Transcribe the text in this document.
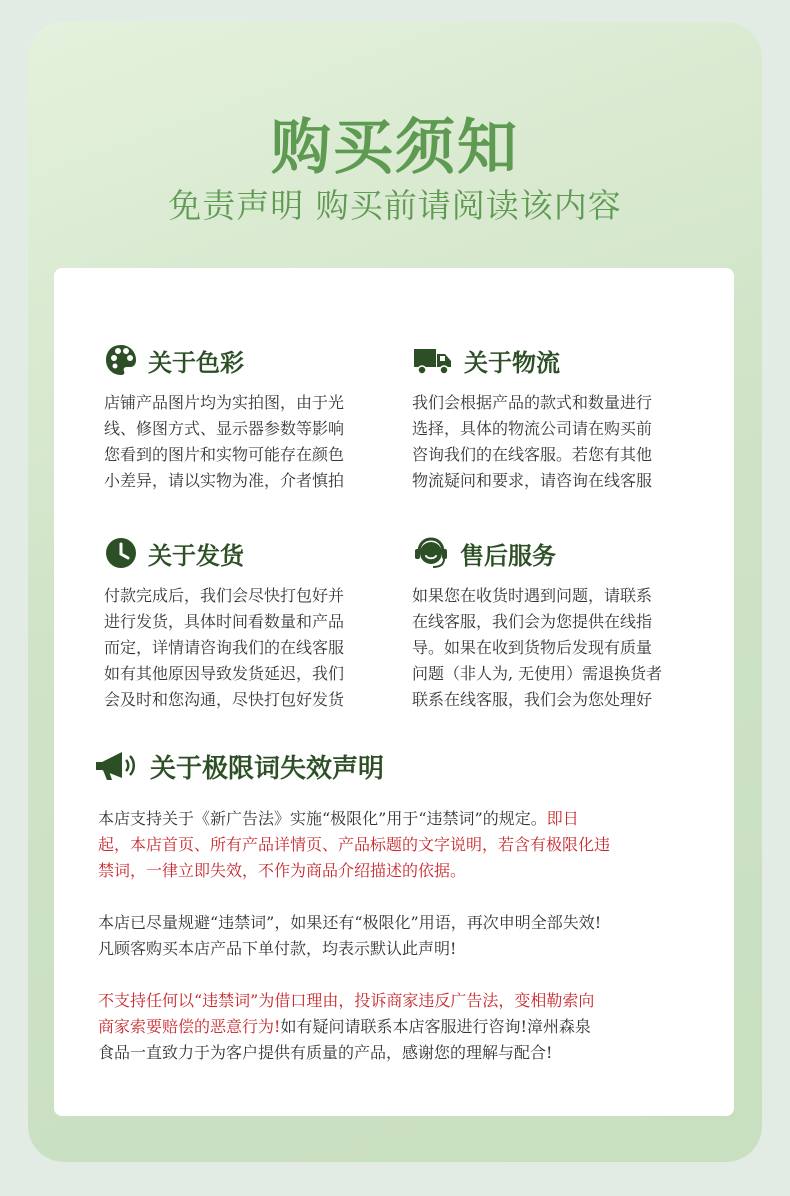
购买须知
免责声明 购买前请阅读该内容
关于色彩
店铺产品图片均为实拍图，由于光
线、修图方式、显示器参数等影响
您看到的图片和实物可能存在颜色
小差异，请以实物为准，介者慎拍
关于物流
我们会根据产品的款式和数量进行
选择，具体的物流公司请在购买前
咨询我们的在线客服。若您有其他
物流疑问和要求，请咨询在线客服
关于发货
付款完成后，我们会尽快打包好并
进行发货，具体时间看数量和产品
而定，详情请咨询我们的在线客服
如有其他原因导致发货延迟，我们
会及时和您沟通，尽快打包好发货
售后服务
如果您在收货时遇到问题，请联系
在线客服，我们会为您提供在线指
导。如果在收到货物后发现有质量
问题（非人为, 无使用）需退换货者
联系在线客服，我们会为您处理好
关于极限词失效声明
本店支持关于《新广告法》实施“极限化”用于“违禁词”的规定。即日
起，本店首页、所有产品详情页、产品标题的文字说明，若含有极限化违
禁词，一律立即失效，不作为商品介绍描述的依据。
本店已尽量规避“违禁词”，如果还有“极限化”用语，再次申明全部失效!
凡顾客购买本店产品下单付款，均表示默认此声明!
不支持任何以“违禁词”为借口理由，投诉商家违反广告法，变相勒索向
商家索要赔偿的恶意行为!如有疑问请联系本店客服进行咨询!漳州森泉
食品一直致力于为客户提供有质量的产品，感谢您的理解与配合!
